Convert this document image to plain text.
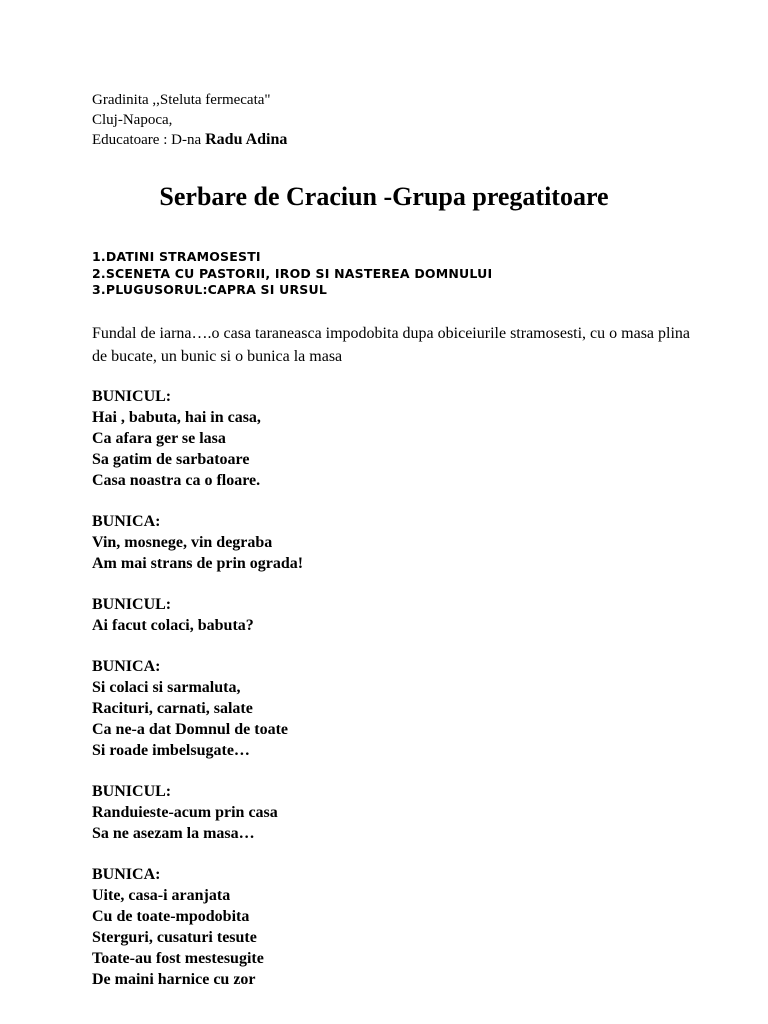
Gradinita ,,Steluta fermecata"
Cluj-Napoca,
Educatoare : D-na Radu Adina
Serbare de Craciun -Grupa pregatitoare
1.DATINI STRAMOSESTI
2.SCENETA CU PASTORII, IROD SI NASTEREA DOMNULUI
3.PLUGUSORUL:CAPRA SI URSUL
Fundal de iarna….o casa taraneasca impodobita dupa obiceiurile stramosesti, cu o masa plina de bucate, un bunic si o bunica la masa
BUNICUL:
Hai , babuta, hai in casa,
Ca afara ger se lasa
Sa gatim de sarbatoare
Casa noastra ca o floare.
BUNICA:
Vin, mosnege, vin degraba
Am mai strans de prin ograda!
BUNICUL:
Ai facut colaci, babuta?
BUNICA:
Si colaci si sarmaluta,
Racituri, carnati, salate
Ca ne-a dat Domnul de toate
Si roade imbelsugate…
BUNICUL:
Randuieste-acum prin casa
Sa ne asezam la masa…
BUNICA:
Uite, casa-i aranjata
Cu de toate-mpodobita
Sterguri, cusaturi tesute
Toate-au fost mestesugite
De maini harnice cu zor
